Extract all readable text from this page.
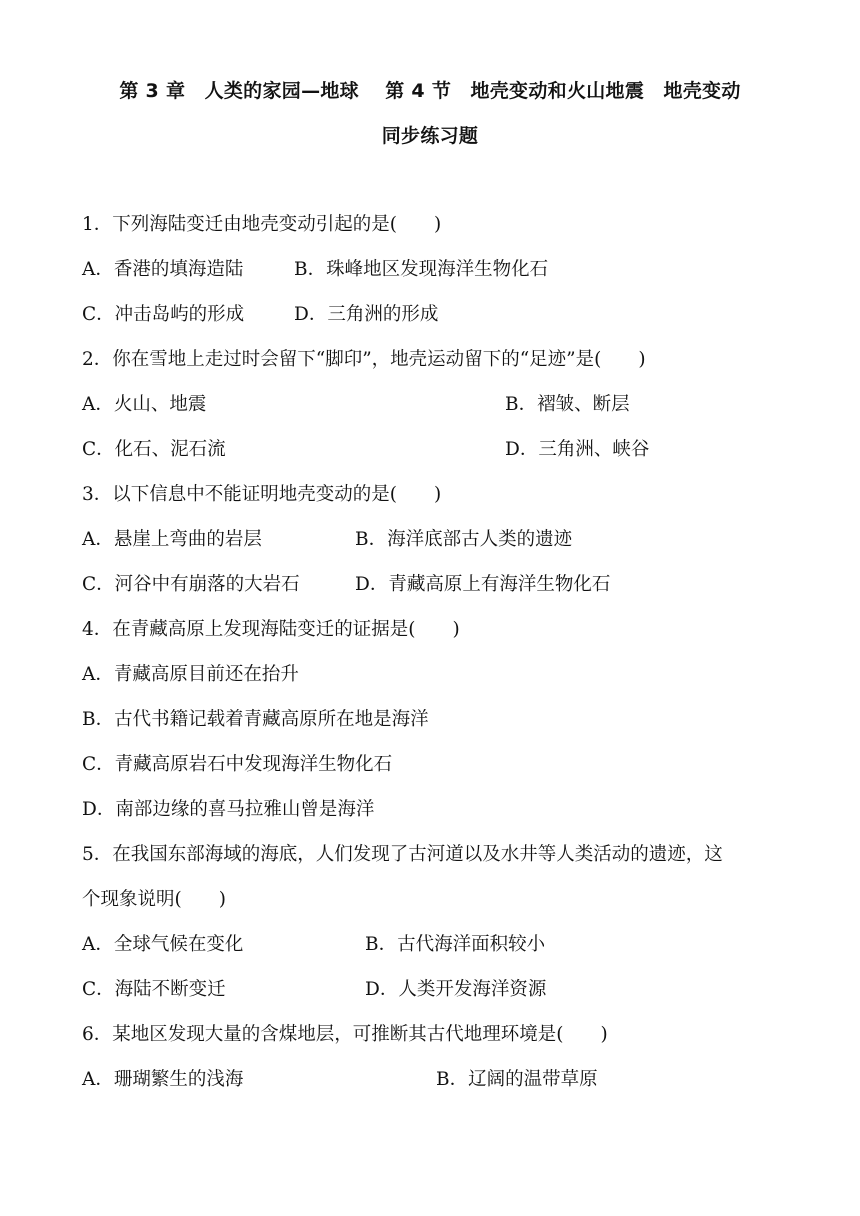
第 3 章　人类的家园—地球　 第 4 节　地壳变动和火山地震　地壳变动
同步练习题
1．下列海陆变迁由地壳变动引起的是(　　)
A．香港的填海造陆	B．珠峰地区发现海洋生物化石
C．冲击岛屿的形成	D．三角洲的形成
2．你在雪地上走过时会留下“脚印”，地壳运动留下的“足迹”是(　　)
A．火山、地震	B．褶皱、断层
C．化石、泥石流	D．三角洲、峡谷
3．以下信息中不能证明地壳变动的是(　　)
A．悬崖上弯曲的岩层	B．海洋底部古人类的遗迹
C．河谷中有崩落的大岩石	D．青藏高原上有海洋生物化石
4．在青藏高原上发现海陆变迁的证据是(　　)
A．青藏高原目前还在抬升
B．古代书籍记载着青藏高原所在地是海洋
C．青藏高原岩石中发现海洋生物化石
D．南部边缘的喜马拉雅山曾是海洋
5．在我国东部海域的海底，人们发现了古河道以及水井等人类活动的遗迹，这
个现象说明(　　)
A．全球气候在变化	B．古代海洋面积较小
C．海陆不断变迁	D．人类开发海洋资源
6．某地区发现大量的含煤地层，可推断其古代地理环境是(　　)
A．珊瑚繁生的浅海	B．辽阔的温带草原
